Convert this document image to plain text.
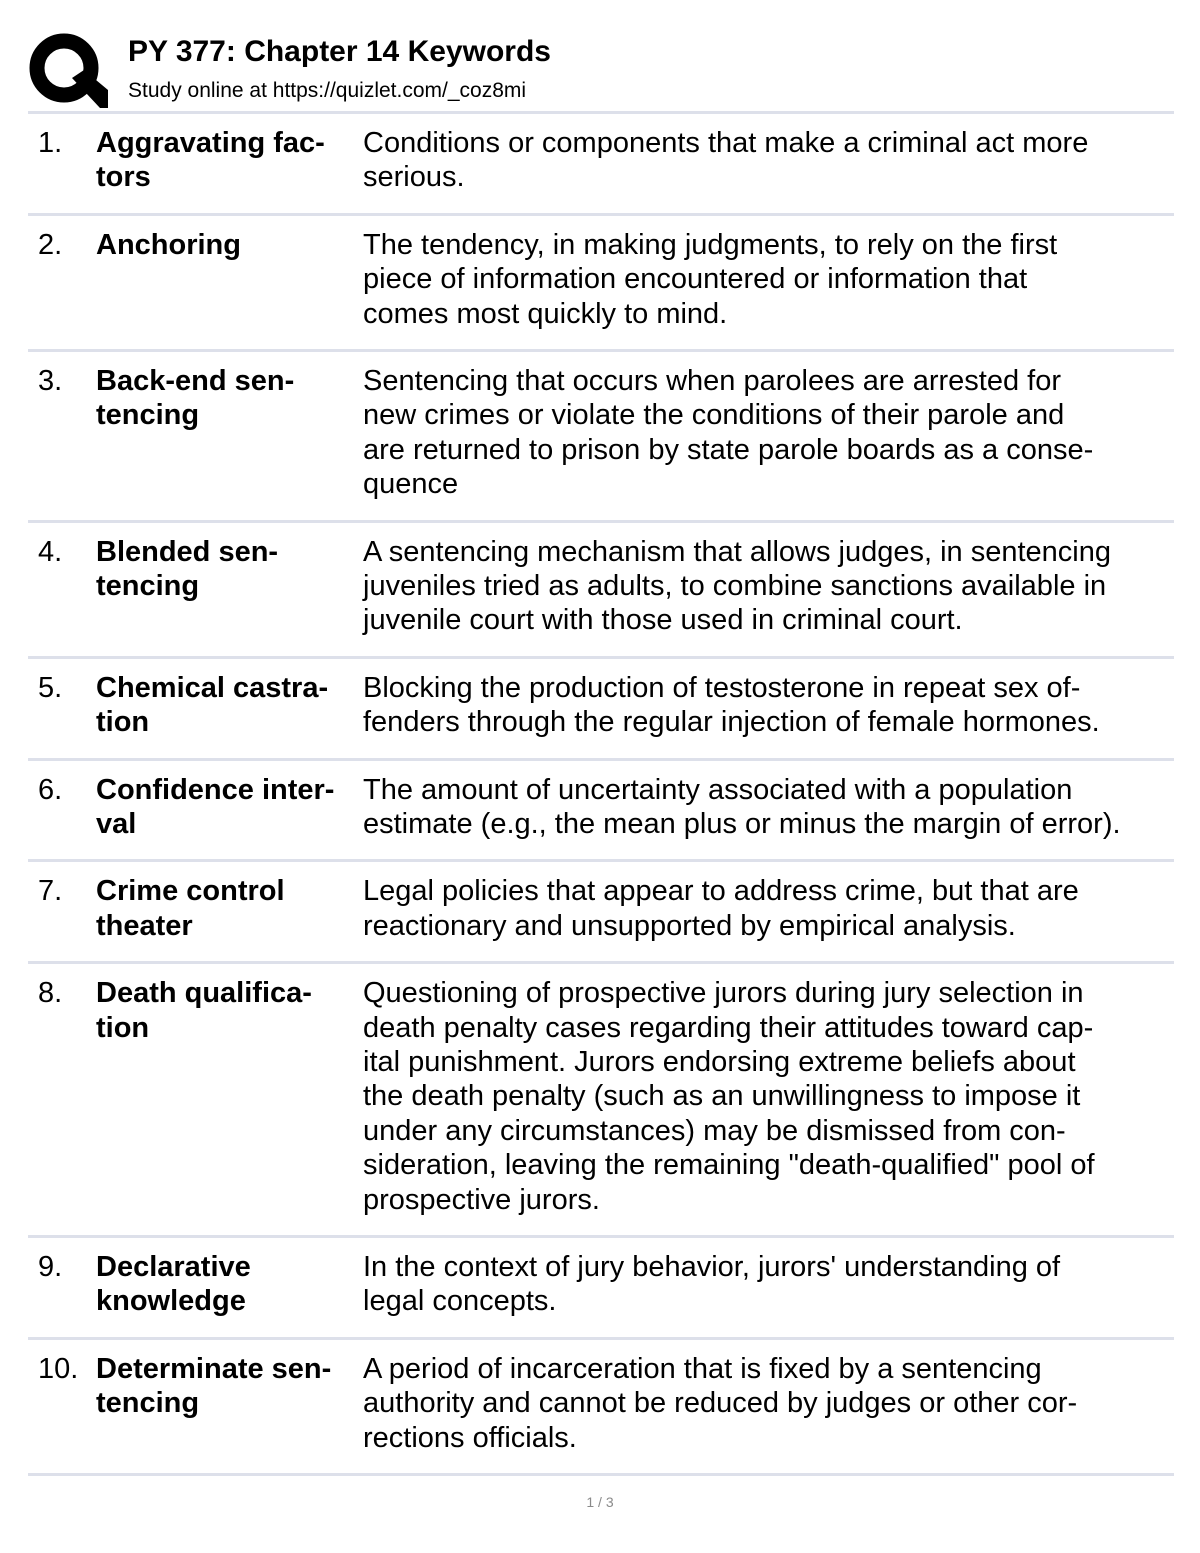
PY 377: Chapter 14 Keywords
Study online at https://quizlet.com/_coz8mi
1. Aggravating fac-
tors
Conditions or components that make a criminal act more
serious.
2. Anchoring	The tendency, in making judgments, to rely on the first
piece of information encountered or information that
comes most quickly to mind.
3. Back-end sen-
tencing
Sentencing that occurs when parolees are arrested for
new crimes or violate the conditions of their parole and
are returned to prison by state parole boards as a conse-
quence
4. Blended sen-
tencing
A sentencing mechanism that allows judges, in sentencing
juveniles tried as adults, to combine sanctions available in
juvenile court with those used in criminal court.
5. Chemical castra-
tion
Blocking the production of testosterone in repeat sex of-
fenders through the regular injection of female hormones.
6. Confidence inter-
val
The amount of uncertainty associated with a population
estimate (e.g., the mean plus or minus the margin of error).
7. Crime control
theater
Legal policies that appear to address crime, but that are
reactionary and unsupported by empirical analysis.
8. Death qualifica-
tion
Questioning of prospective jurors during jury selection in
death penalty cases regarding their attitudes toward cap-
ital punishment. Jurors endorsing extreme beliefs about
the death penalty (such as an unwillingness to impose it
under any circumstances) may be dismissed from con-
sideration, leaving the remaining "death-qualified" pool of
prospective jurors.
9. Declarative
knowledge
In the context of jury behavior, jurors' understanding of
legal concepts.
10. Determinate sen-
tencing
A period of incarceration that is fixed by a sentencing
authority and cannot be reduced by judges or other cor-
rections officials.
1 / 3
